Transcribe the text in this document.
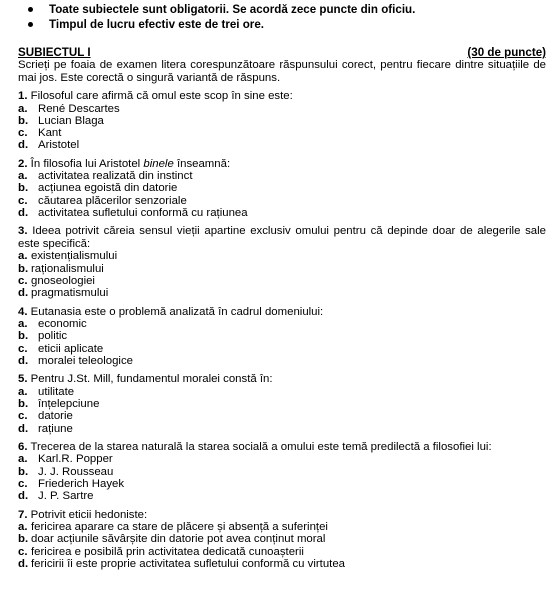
Toate subiectele sunt obligatorii. Se acordă zece puncte din oficiu.
Timpul de lucru efectiv este de trei ore.
SUBIECTUL I	(30 de puncte)
Scrieți pe foaia de examen litera corespunzătoare răspunsului corect, pentru fiecare dintre situațiile de mai jos. Este corectă o singură variantă de răspuns.
1. Filosoful care afirmă că omul este scop în sine este:
a. René Descartes
b. Lucian Blaga
c. Kant
d. Aristotel
2. În filosofia lui Aristotel binele înseamnă:
a. activitatea realizată din instinct
b. acțiunea egoistă din datorie
c. căutarea plăcerilor senzoriale
d. activitatea sufletului conformă cu rațiunea
3. Ideea potrivit căreia sensul vieții apartine exclusiv omului pentru că depinde doar de alegerile sale este specifică:
a. existențialismului
b. raționalismului
c. gnoseologiei
d. pragmatismului
4. Eutanasia este o problemă analizată în cadrul domeniului:
a. economic
b. politic
c. eticii aplicate
d. moralei teleologice
5. Pentru J.St. Mill, fundamentul moralei constă în:
a. utilitate
b. înțelepciune
c. datorie
d. rațiune
6. Trecerea de la starea naturală la starea socială a omului este temă predilectă a filosofiei lui:
a. Karl.R. Popper
b. J. J. Rousseau
c. Friederich Hayek
d. J. P. Sartre
7. Potrivit eticii hedoniste:
a. fericirea aparare ca stare de plăcere și absență a suferinței
b. doar acțiunile săvârșite din datorie pot avea conținut moral
c. fericirea e posibilă prin activitatea dedicată cunoașterii
d. fericirii îi este proprie activitatea sufletului conformă cu virtutea
